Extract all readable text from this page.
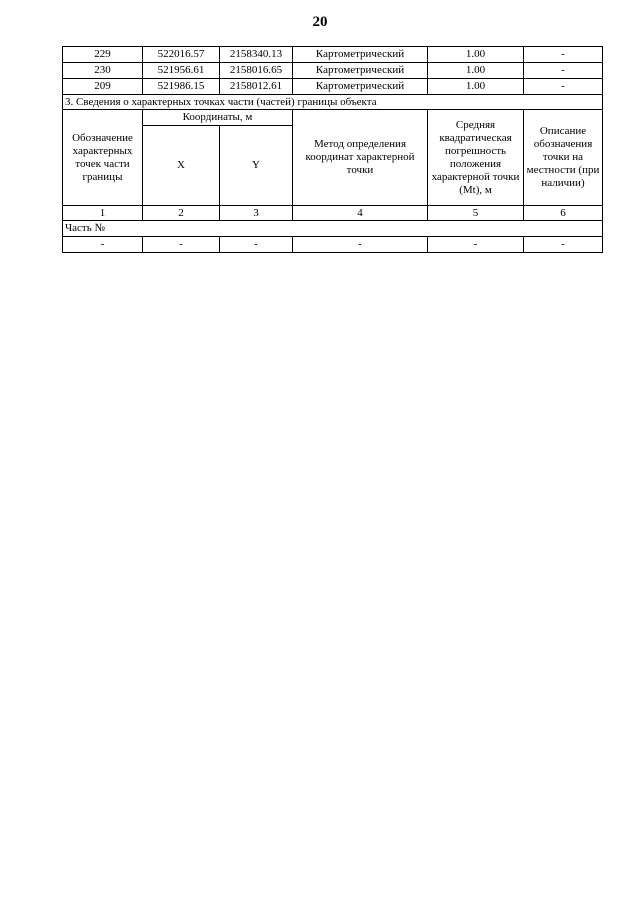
20
229	522016.57	2158340.13	Картометрический	1.00	-
230	521956.61	2158016.65	Картометрический	1.00	-
209	521986.15	2158012.61	Картометрический	1.00	-
3. Сведения о характерных точках части (частей) границы объекта					
Обозначение характерных точек части границы	Координаты, м		Метод определения координат характерной точки	Средняя квадратическая погрешность положения характерной точки (Mt), м	Описание обозначения точки на местности (при наличии)
	X	Y			
1	2	3	4	5	6
Часть №					
-	-	-	-	-	-
